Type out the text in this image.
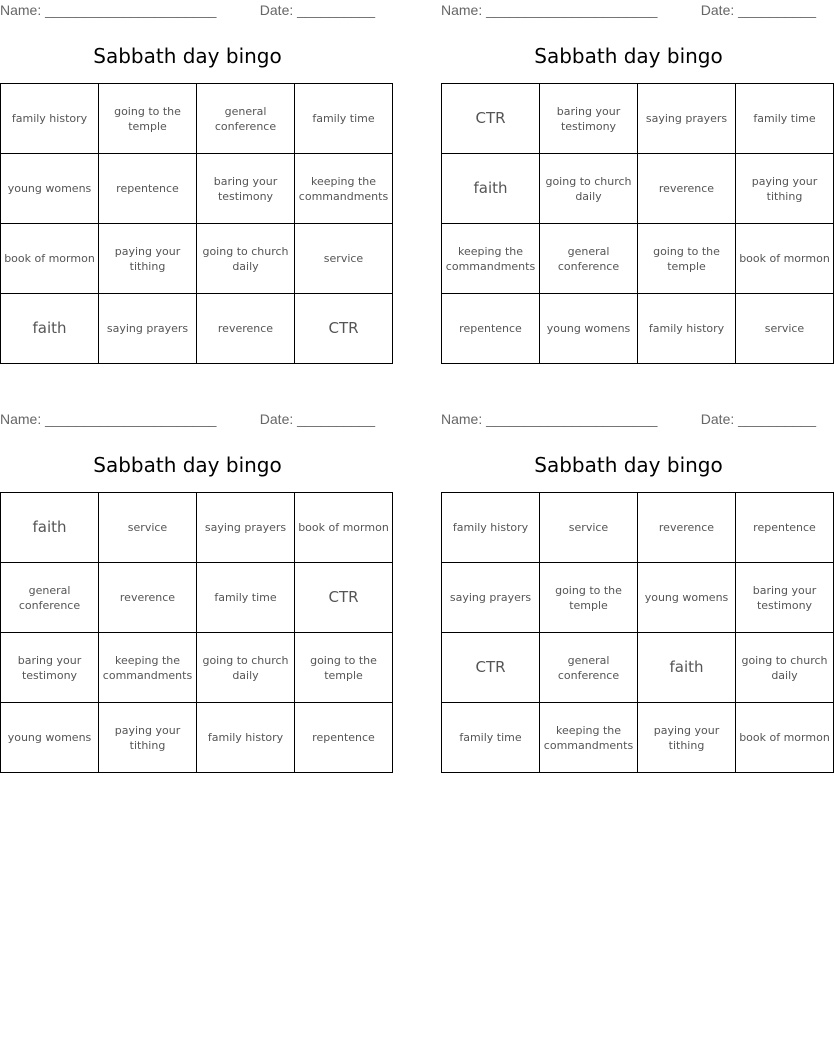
Name: ______________________	Date: __________
Sabbath day bingo
family history	going to the temple	general conference	family time
young womens	repentence	baring your testimony	keeping the commandments
book of mormon	paying your tithing	going to church daily	service
faith	saying prayers	reverence	CTR
Name: ______________________	Date: __________
Sabbath day bingo
CTR	baring your testimony	saying prayers	family time
faith	going to church daily	reverence	paying your tithing
keeping the commandments	general conference	going to the temple	book of mormon
repentence	young womens	family history	service
Name: ______________________	Date: __________
Sabbath day bingo
faith	service	saying prayers	book of mormon
general conference	reverence	family time	CTR
baring your testimony	keeping the commandments	going to church daily	going to the temple
young womens	paying your tithing	family history	repentence
Name: ______________________	Date: __________
Sabbath day bingo
family history	service	reverence	repentence
saying prayers	going to the temple	young womens	baring your testimony
CTR	general conference	faith	going to church daily
family time	keeping the commandments	paying your tithing	book of mormon
